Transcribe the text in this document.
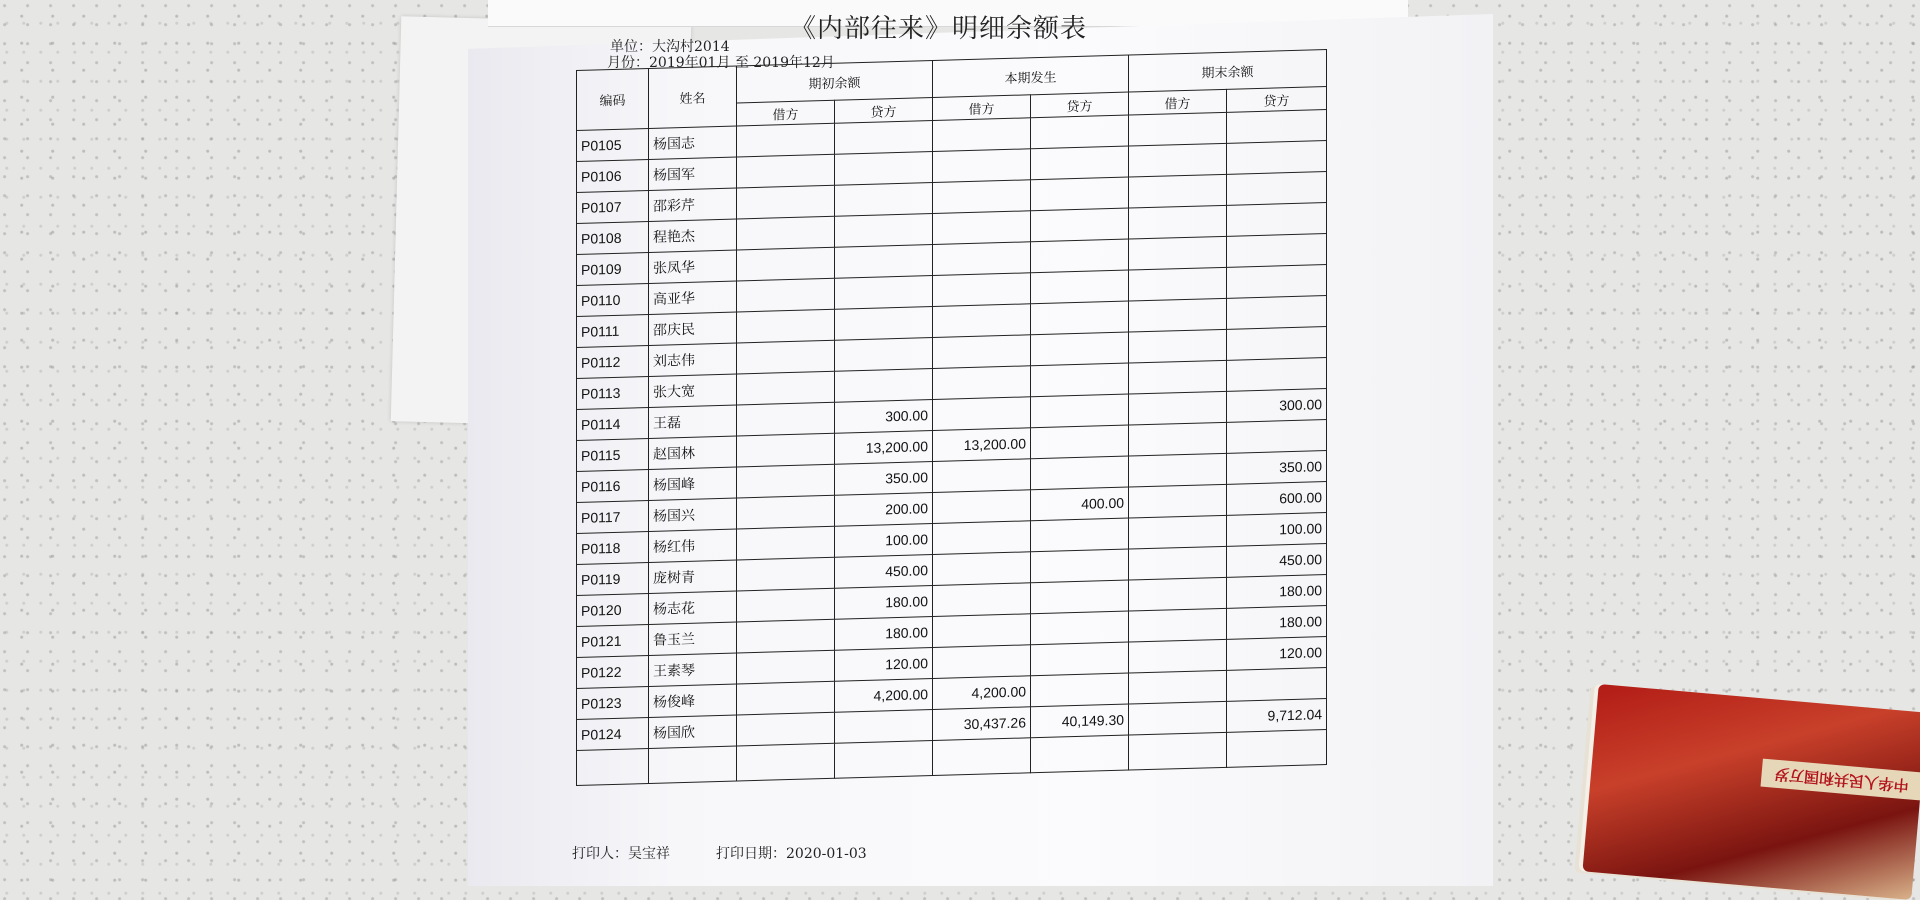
《内部往来》明细余额表
单位：大沟村2014
月份：2019年01月 至 2019年12月
编码	姓名	期初余额		本期发生		期末余额	
		借方	贷方	借方	贷方	借方	贷方
P0105	杨国志						
P0106	杨国军						
P0107	邵彩芹						
P0108	程艳杰						
P0109	张凤华						
P0110	高亚华						
P0111	邵庆民						
P0112	刘志伟						
P0113	张大宽						
P0114	王磊		300.00				300.00
P0115	赵国林		13,200.00	13,200.00			
P0116	杨国峰		350.00				350.00
P0117	杨国兴		200.00		400.00		600.00
P0118	杨红伟		100.00				100.00
P0119	庞树青		450.00				450.00
P0120	杨志花		180.00				180.00
P0121	鲁玉兰		180.00				180.00
P0122	王素琴		120.00				120.00
P0123	杨俊峰		4,200.00	4,200.00			
P0124	杨国欣			30,437.26	40,149.30		9,712.04

打印人：吴宝祥	打印日期：2020-01-03
中华人民共和国万岁
